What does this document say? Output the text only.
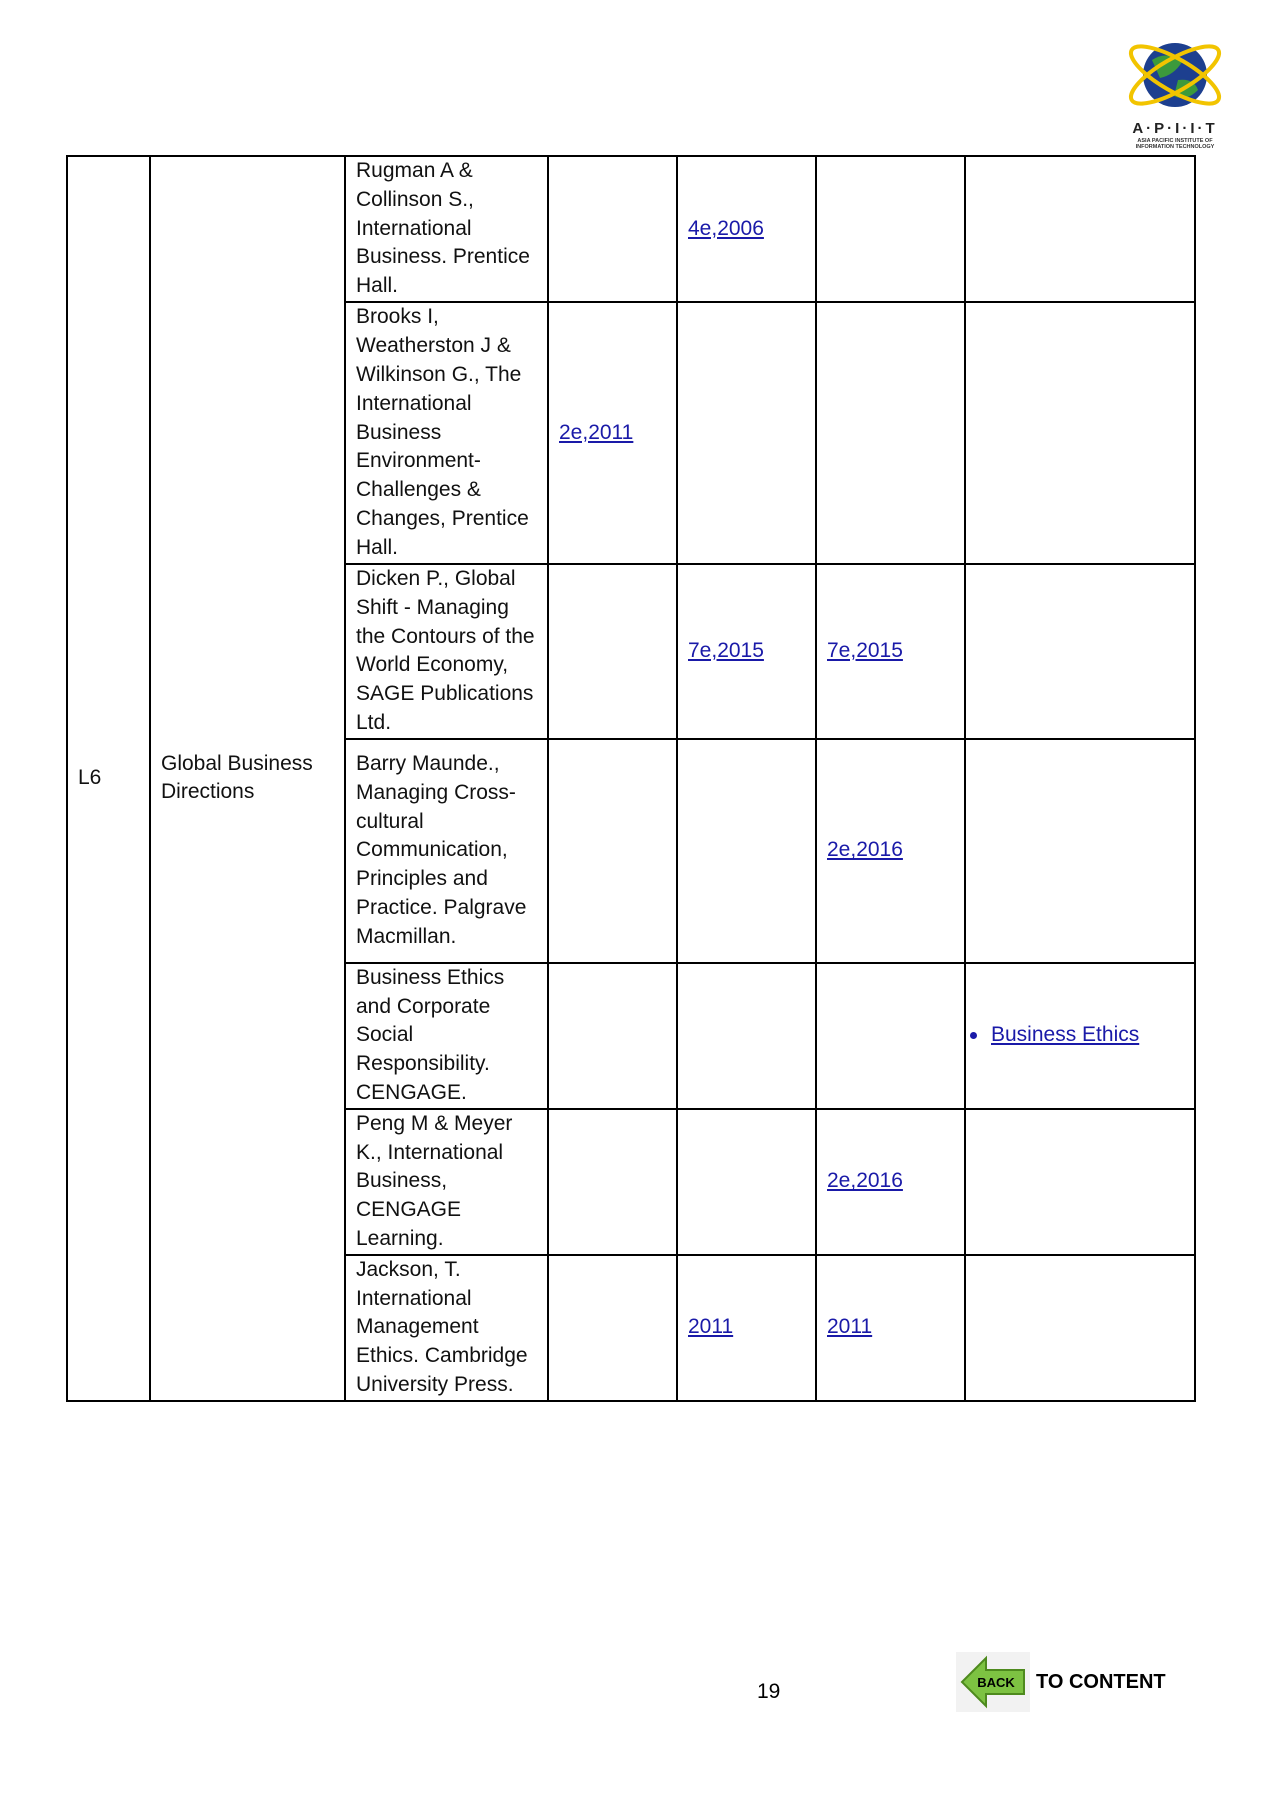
A·P·I·I·T
ASIA PACIFIC INSTITUTE OF
INFORMATION TECHNOLOGY
L6	Global Business Directions	Rugman A & Collinson S., International Business. Prentice Hall.		4e,2006		
		Brooks I, Weatherston J & Wilkinson G., The International Business Environment- Challenges & Changes, Prentice Hall.	2e,2011			
		Dicken P., Global Shift - Managing the Contours of the World Economy, SAGE Publications Ltd.		7e,2015	7e,2015	
		Barry Maunde., Managing Cross-cultural Communication, Principles and Practice. Palgrave Macmillan.			2e,2016	
		Business Ethics and Corporate Social Responsibility. CENGAGE.				Business Ethics

		Peng M & Meyer K., International Business, CENGAGE Learning.			2e,2016	
		Jackson, T. International Management Ethics. Cambridge University Press.		2011	2011	
19	BACK TO CONTENT
